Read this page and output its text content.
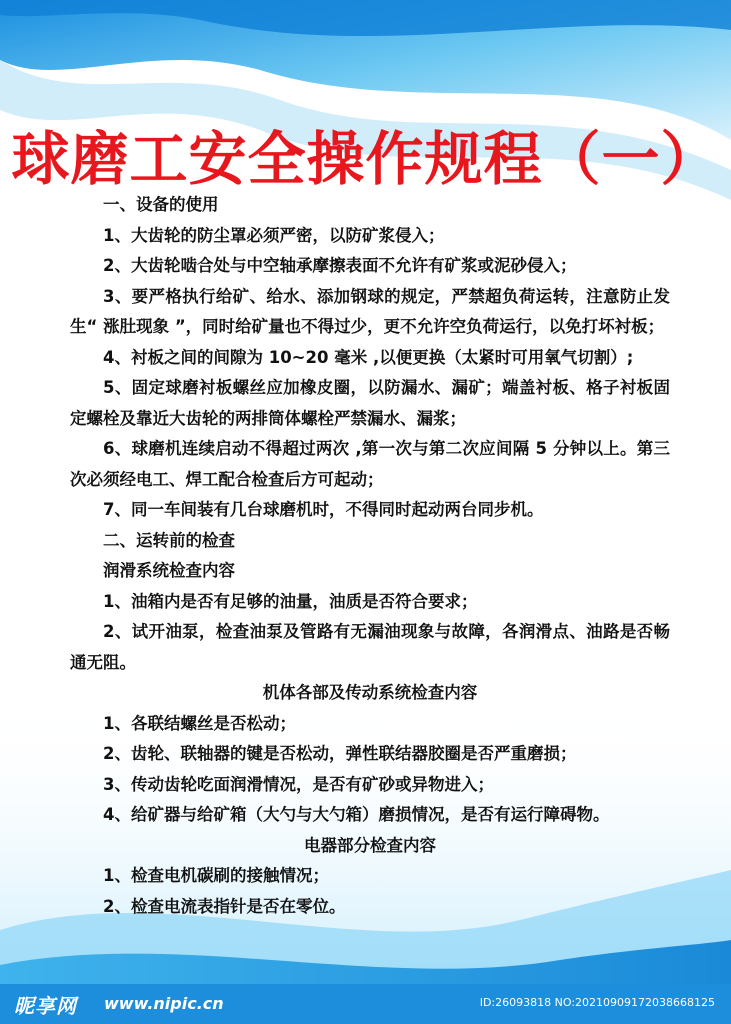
球磨工安全操作规程（一）

一、设备的使用

1、大齿轮的防尘罩必须严密，以防矿浆侵入；

2、大齿轮啮合处与中空轴承摩擦表面不允许有矿浆或泥砂侵入；

3、要严格执行给矿、给水、添加钢球的规定，严禁超负荷运转，注意防止发生“ 涨肚现象 ”，同时给矿量也不得过少，更不允许空负荷运行，以免打坏衬板；

4、衬板之间的间隙为 10~20 毫米 ,以便更换（太紧时可用氧气切割）;

5、固定球磨衬板螺丝应加橡皮圈，以防漏水、漏矿；端盖衬板、格子衬板固定螺栓及靠近大齿轮的两排筒体螺栓严禁漏水、漏浆；

6、球磨机连续启动不得超过两次 ,第一次与第二次应间隔 5 分钟以上。第三次必须经电工、焊工配合检查后方可起动；

7、同一车间装有几台球磨机时，不得同时起动两台同步机。

二、运转前的检查

润滑系统检查内容

1、油箱内是否有足够的油量，油质是否符合要求；

2、试开油泵，检查油泵及管路有无漏油现象与故障，各润滑点、油路是否畅通无阻。

机体各部及传动系统检查内容

1、各联结螺丝是否松动；

2、齿轮、联轴器的键是否松动，弹性联结器胶圈是否严重磨损；

3、传动齿轮吃面润滑情况，是否有矿砂或异物进入；

4、给矿器与给矿箱（大勺与大勺箱）磨损情况，是否有运行障碍物。

电器部分检查内容

1、检查电机碳刷的接触情况；

2、检查电流表指针是否在零位。

昵享网 www.nipic.cn	ID:26093818 NO:20210909172038668125
